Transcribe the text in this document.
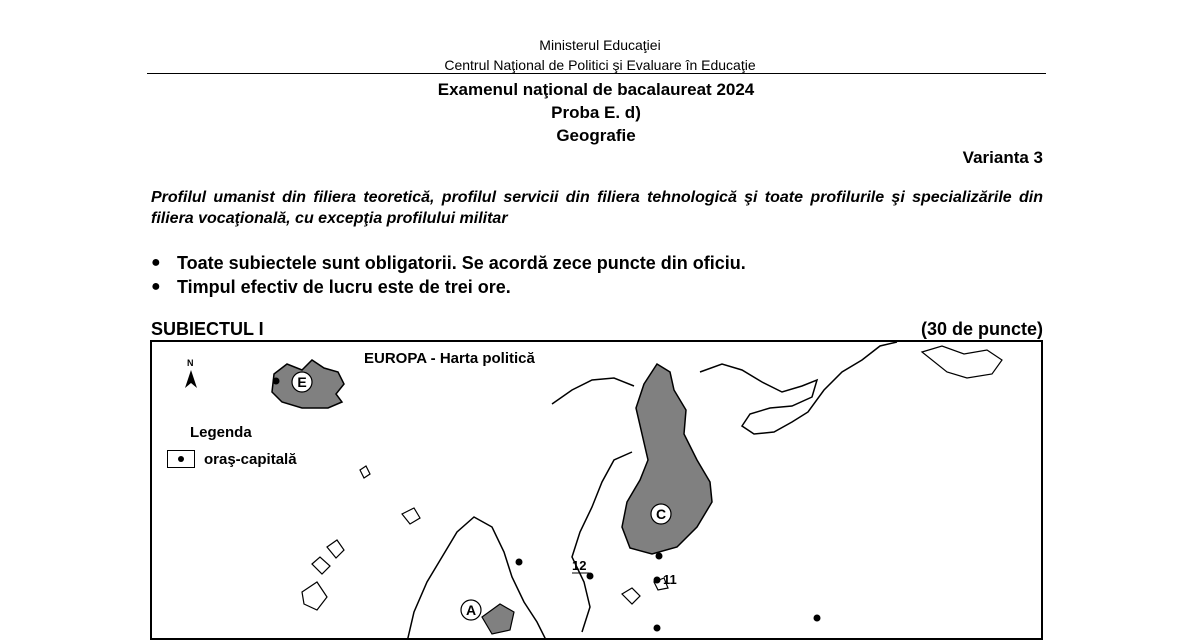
Ministerul Educaţiei
Centrul Naţional de Politici şi Evaluare în Educaţie
Examenul naţional de bacalaureat 2024
Proba E. d)
Geografie
Varianta 3
Profilul umanist din filiera teoretică, profilul servicii din filiera tehnologică şi toate profilurile şi specializările din filiera vocaţională, cu excepţia profilului militar
● Toate subiectele sunt obligatorii. Se acordă zece puncte din oficiu.
● Timpul efectiv de lucru este de trei ore.
SUBIECTUL I	(30 de puncte)
E
C
A
12
11
N	EUROPA - Harta politică
Legenda
oraş-capitală
